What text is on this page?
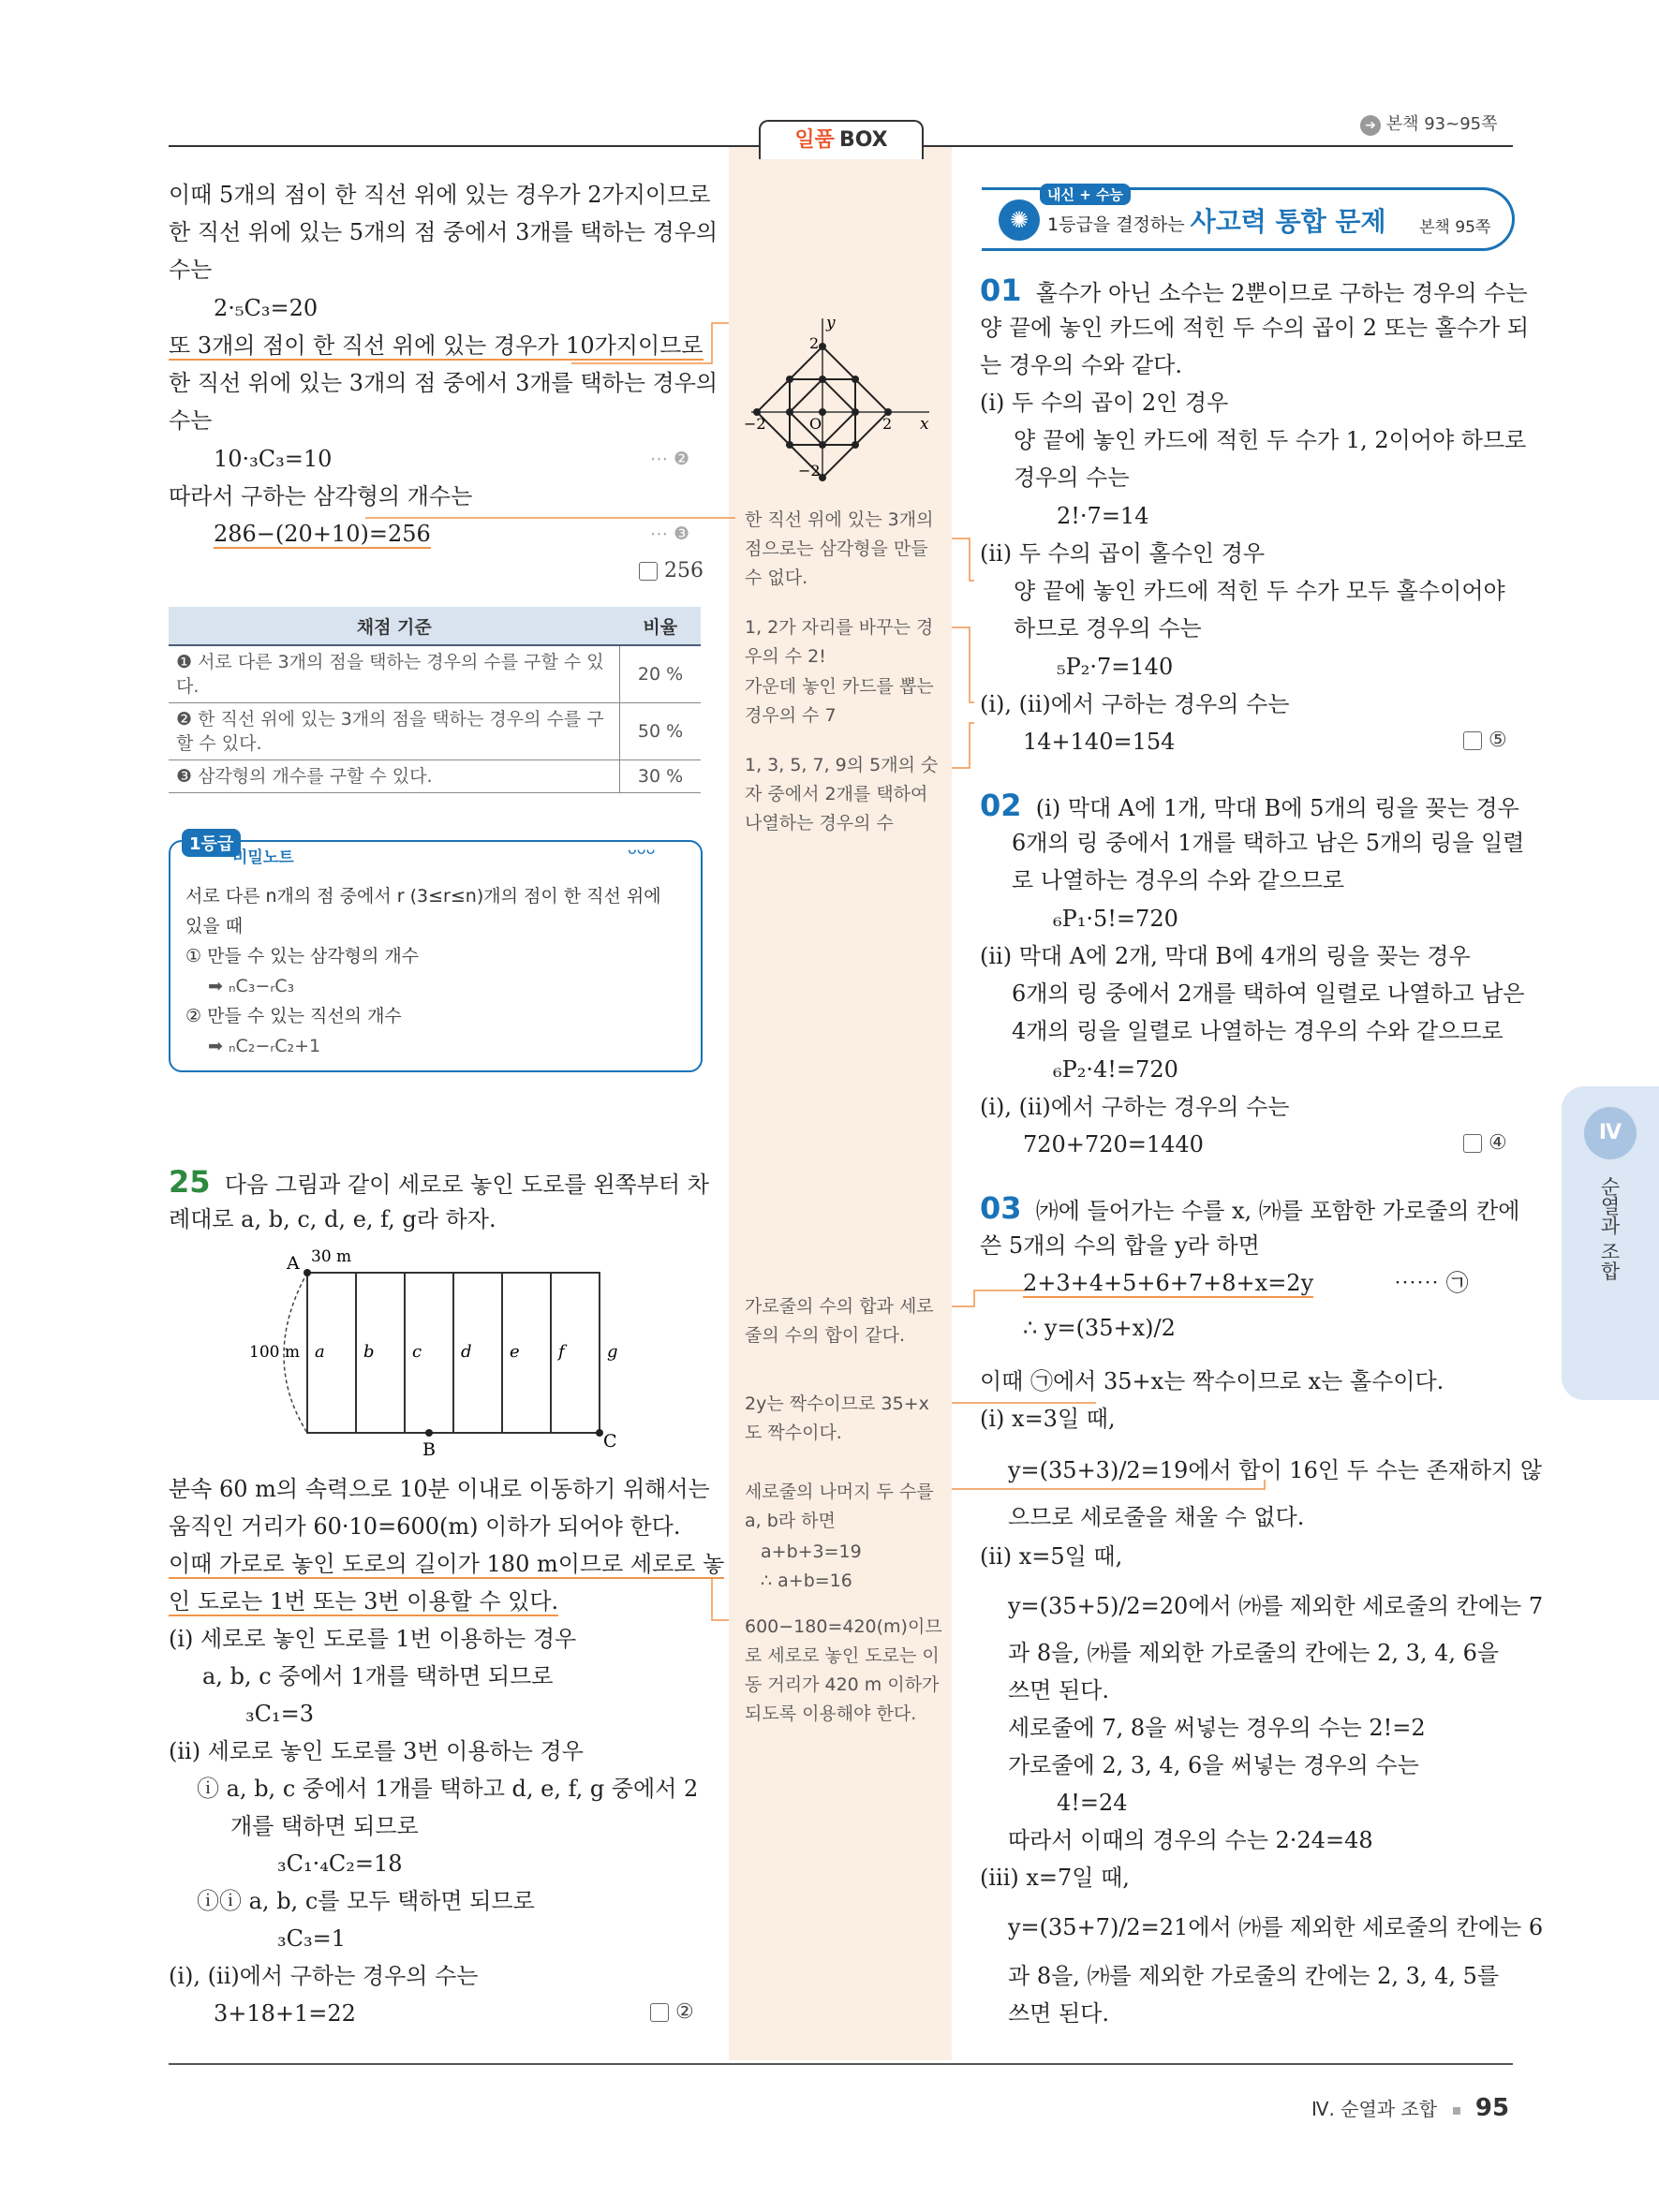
➔ 본책 93~95쪽
일품 BOX
이때 5개의 점이 한 직선 위에 있는 경우가 2가지이므로
한 직선 위에 있는 5개의 점 중에서 3개를 택하는 경우의
수는
2·₅C₃=20
또 3개의 점이 한 직선 위에 있는 경우가 10가지이므로
한 직선 위에 있는 3개의 점 중에서 3개를 택하는 경우의
수는
10·₃C₃=10	⋯ ❷
따라서 구하는 삼각형의 개수는
286−(20+10)=256	⋯ ❸
256
채점 기준	비율
❶ 서로 다른 3개의 점을 택하는 경우의 수를 구할 수 있다.	20 %
❷ 한 직선 위에 있는 3개의 점을 택하는 경우의 수를 구할 수 있다.	50 %
❸ 삼각형의 개수를 구할 수 있다.	30 %
1등급
비밀노트	ᴗᴗᴗ
서로 다른 n개의 점 중에서 r (3≤r≤n)개의 점이 한 직선 위에
있을 때
① 만들 수 있는 삼각형의 개수
➡ ₙC₃−ᵣC₃
② 만들 수 있는 직선의 개수
➡ ₙC₂−ᵣC₂+1
25 다음 그림과 같이 세로로 놓인 도로를 왼쪽부터 차
례대로 a, b, c, d, e, f, g라 하자.
A
B	C
30 m
100 m a b c d e f	g
분속 60 m의 속력으로 10분 이내로 이동하기 위해서는
움직인 거리가 60·10=600(m) 이하가 되어야 한다.
이때 가로로 놓인 도로의 길이가 180 m이므로 세로로 놓
인 도로는 1번 또는 3번 이용할 수 있다.
(i) 세로로 놓인 도로를 1번 이용하는 경우
a, b, c 중에서 1개를 택하면 되므로
₃C₁=3
(ii) 세로로 놓인 도로를 3번 이용하는 경우
ⓘ a, b, c 중에서 1개를 택하고 d, e, f, g 중에서 2
개를 택하면 되므로
₃C₁·₄C₂=18
ⓘⓘ a, b, c를 모두 택하면 되므로
₃C₃=1
(i), (ii)에서 구하는 경우의 수는
3+18+1=22	②
y
2
x
2
−2	O
−2
한 직선 위에 있는 3개의 점으로는 삼각형을 만들 수 없다.
1, 2가 자리를 바꾸는 경우의 수 2!
가운데 놓인 카드를 뽑는 경우의 수 7
1, 3, 5, 7, 9의 5개의 숫자 중에서 2개를 택하여 나열하는 경우의 수
가로줄의 수의 합과 세로줄의 수의 합이 같다.
2y는 짝수이므로 35+x 도 짝수이다.
세로줄의 나머지 두 수를 a, b라 하면
a+b+3=19
∴ a+b=16
600−180=420(m)이므로 세로로 놓인 도로는 이동 거리가 420 m 이하가 되도록 이용해야 한다.
✺
내신 + 수능
1등급을 결정하는 사고력 통합 문제 본책 95쪽
01 홀수가 아닌 소수는 2뿐이므로 구하는 경우의 수는
양 끝에 놓인 카드에 적힌 두 수의 곱이 2 또는 홀수가 되
는 경우의 수와 같다.
(i) 두 수의 곱이 2인 경우
양 끝에 놓인 카드에 적힌 두 수가 1, 2이어야 하므로
경우의 수는
2!·7=14
(ii) 두 수의 곱이 홀수인 경우
양 끝에 놓인 카드에 적힌 두 수가 모두 홀수이어야
하므로 경우의 수는
₅P₂·7=140
(i), (ii)에서 구하는 경우의 수는
14+140=154	⑤
02 (i) 막대 A에 1개, 막대 B에 5개의 링을 꽂는 경우
6개의 링 중에서 1개를 택하고 남은 5개의 링을 일렬
로 나열하는 경우의 수와 같으므로
₆P₁·5!=720
(ii) 막대 A에 2개, 막대 B에 4개의 링을 꽂는 경우
6개의 링 중에서 2개를 택하여 일렬로 나열하고 남은
4개의 링을 일렬로 나열하는 경우의 수와 같으므로
₆P₂·4!=720
(i), (ii)에서 구하는 경우의 수는
720+720=1440	④
03 ㈎에 들어가는 수를 x, ㈎를 포함한 가로줄의 칸에
쓴 5개의 수의 합을 y라 하면
2+3+4+5+6+7+8+x=2y	⋯⋯ ㉠
∴ y=(35+x)/2
이때 ㉠에서 35+x는 짝수이므로 x는 홀수이다.
(i) x=3일 때,
y=(35+3)/2=19에서 합이 16인 두 수는 존재하지 않
으므로 세로줄을 채울 수 없다.
(ii) x=5일 때,
y=(35+5)/2=20에서 ㈎를 제외한 세로줄의 칸에는 7
과 8을, ㈎를 제외한 가로줄의 칸에는 2, 3, 4, 6을
쓰면 된다.
세로줄에 7, 8을 써넣는 경우의 수는 2!=2
가로줄에 2, 3, 4, 6을 써넣는 경우의 수는
4!=24
따라서 이때의 경우의 수는 2·24=48
(iii) x=7일 때,
y=(35+7)/2=21에서 ㈎를 제외한 세로줄의 칸에는 6
과 8을, ㈎를 제외한 가로줄의 칸에는 2, 3, 4, 5를
쓰면 된다.
Ⅳ
순열과 조합
Ⅳ. 순열과 조합 95
